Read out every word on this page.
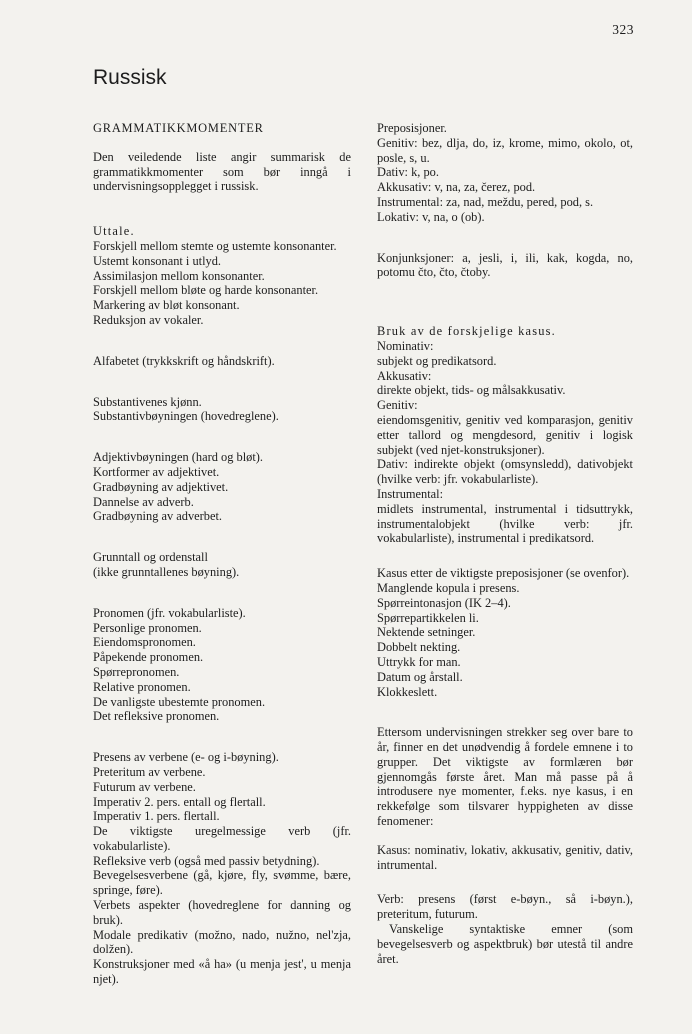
323
Russisk

GRAMMATIKKMOMENTER

Den veiledende liste angir summarisk de grammatikkmomenter som bør inngå i undervisningsopplegget i russisk.

Uttale.

Forskjell mellom stemte og ustemte konsonanter.

Ustemt konsonant i utlyd.

Assimilasjon mellom konsonanter.

Forskjell mellom bløte og harde konsonanter.

Markering av bløt konsonant.

Reduksjon av vokaler.

Alfabetet (trykkskrift og håndskrift).

Substantivenes kjønn.

Substantivbøyningen (hovedreglene).

Adjektivbøyningen (hard og bløt).

Kortformer av adjektivet.

Gradbøyning av adjektivet.

Dannelse av adverb.

Gradbøyning av adverbet.

Grunntall og ordenstall

(ikke grunntallenes bøyning).

Pronomen (jfr. vokabularliste).

Personlige pronomen.

Eiendomspronomen.

Påpekende pronomen.

Spørrepronomen.

Relative pronomen.

De vanligste ubestemte pronomen.

Det refleksive pronomen.

Presens av verbene (e- og i-bøyning).

Preteritum av verbene.

Futurum av verbene.

Imperativ 2. pers. entall og flertall.

Imperativ 1. pers. flertall.

De viktigste uregelmessige verb (jfr. vokabularliste).

Refleksive verb (også med passiv betydning).

Bevegelsesverbene (gå, kjøre, fly, svømme, bære, springe, føre).

Verbets aspekter (hovedreglene for danning og bruk).

Modale predikativ (možno, nado, nužno, nel'zja, dolžen).

Konstruksjoner med «å ha» (u menja jest', u menja njet).

Preposisjoner.

Genitiv: bez, dlja, do, iz, krome, mimo, okolo, ot, posle, s, u.

Dativ: k, po.

Akkusativ: v, na, za, čerez, pod.

Instrumental: za, nad, meždu, pered, pod, s.

Lokativ: v, na, o (ob).

Konjunksjoner: a, jesli, i, ili, kak, kogda, no, potomu čto, čto, čtoby.

Bruk av de forskjelige kasus.

Nominativ:

subjekt og predikatsord.

Akkusativ:

direkte objekt, tids- og målsakkusativ.

Genitiv:

eiendomsgenitiv, genitiv ved komparasjon, genitiv etter tallord og mengdesord, genitiv i logisk subjekt (ved njet-konstruksjoner).

Dativ: indirekte objekt (omsynsledd), dativobjekt (hvilke verb: jfr. vokabularliste).

Instrumental:

midlets instrumental, instrumental i tidsuttrykk, instrumentalobjekt (hvilke verb: jfr. vokabularliste), instrumental i predikatsord.

Kasus etter de viktigste preposisjoner (se ovenfor).

Manglende kopula i presens.

Spørreintonasjon (IK 2–4).

Spørrepartikkelen li.

Nektende setninger.

Dobbelt nekting.

Uttrykk for man.

Datum og årstall.

Klokkeslett.

Ettersom undervisningen strekker seg over bare to år, finner en det unødvendig å fordele emnene i to grupper. Det viktigste av formlæren bør gjennomgås første året. Man må passe på å introdusere nye momenter, f.eks. nye kasus, i en rekkefølge som tilsvarer hyppigheten av disse fenomener:

Kasus: nominativ, lokativ, akkusativ, genitiv, dativ, intrumental.

Verb: presens (først e-bøyn., så i-bøyn.), preteritum, futurum.

Vanskelige syntaktiske emner (som bevegelsesverb og aspektbruk) bør utestå til andre året.
